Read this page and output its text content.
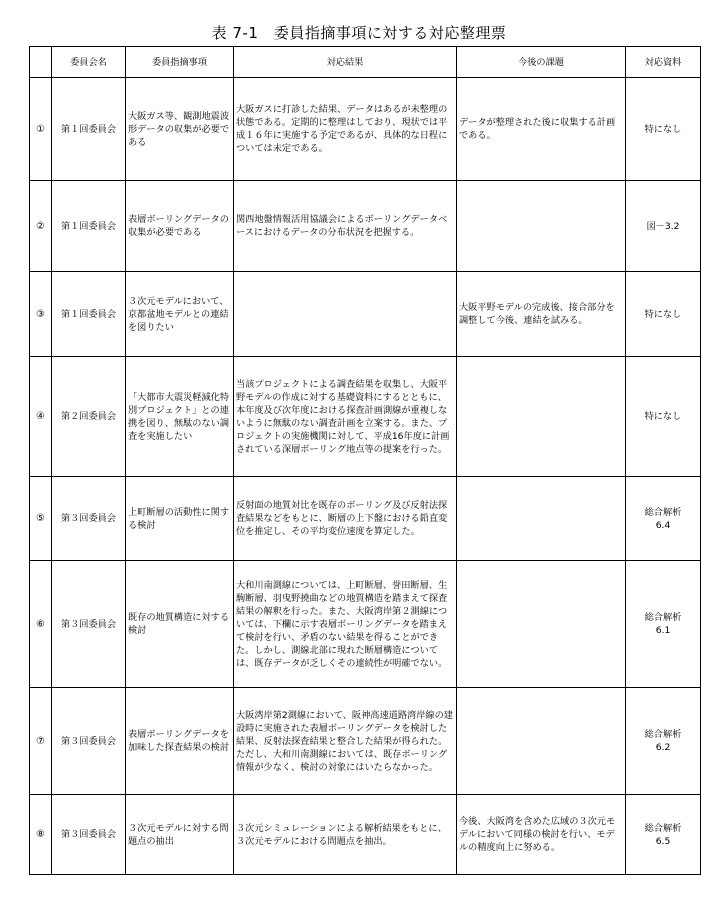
表 7-1　委員指摘事項に対する対応整理票
	委員会名	委員指摘事項	対応結果	今後の課題	対応資料
①	第１回委員会	大阪ガス等、観測地震波形データの収集が必要である	大阪ガスに打診した結果、データはあるが未整理の状態である。定期的に整理はしており、現状では平成１６年に実施する予定であるが、具体的な日程については未定である。	データが整理された後に収集する計画である。	特になし
②	第１回委員会	表層ボーリングデータの収集が必要である	関西地盤情報活用協議会によるボーリングデータベースにおけるデータの分布状況を把握する。		図－3.2
③	第１回委員会	３次元モデルにおいて、京都盆地モデルとの連結を図りたい		大阪平野モデルの完成後、接合部分を調整して今後、連結を試みる。	特になし
④	第２回委員会	「大都市大震災軽減化特別プロジェクト」との連携を図り、無駄のない調査を実施したい	当該プロジェクトによる調査結果を収集し、大阪平野モデルの作成に対する基礎資料にするとともに、本年度及び次年度における探査計画測線が重複しないように無駄のない調査計画を立案する。また、プロジェクトの実施機関に対して、平成16年度に計画されている深層ボーリング地点等の提案を行った。		特になし
⑤	第３回委員会	上町断層の活動性に関する検討	反射面の地質対比を既存のボーリング及び反射法探査結果などをもとに、断層の上下盤における鉛直変位を推定し、その平均変位速度を算定した。		総合解析
6.4
⑥	第３回委員会	既存の地質構造に対する検討	大和川南測線については、上町断層、誉田断層、生駒断層、羽曳野撓曲などの地質構造を踏まえて探査結果の解釈を行った。また、大阪湾岸第２測線については、下欄に示す表層ボーリングデータを踏まえて検討を行い、矛盾のない結果を得ることができた。しかし、測線北部に現れた断層構造については、既存データが乏しくその連続性が明確でない。		総合解析
6.1
⑦	第３回委員会	表層ボーリングデータを加味した探査結果の検討	大阪湾岸第2測線において、阪神高速道路湾岸線の建設時に実施された表層ボーリングデータを検討した結果、反射法探査結果と整合した結果が得られた。ただし、大和川南測線においては、既存ボーリング情報が少なく、検討の対象にはいたらなかった。		総合解析
6.2
⑧	第３回委員会	３次元モデルに対する問題点の抽出	３次元シミュレーションによる解析結果をもとに、３次元モデルにおける問題点を抽出。	今後、大阪湾を含めた広域の３次元モデルにおいて同様の検討を行い、モデルの精度向上に努める。	総合解析
6.5
